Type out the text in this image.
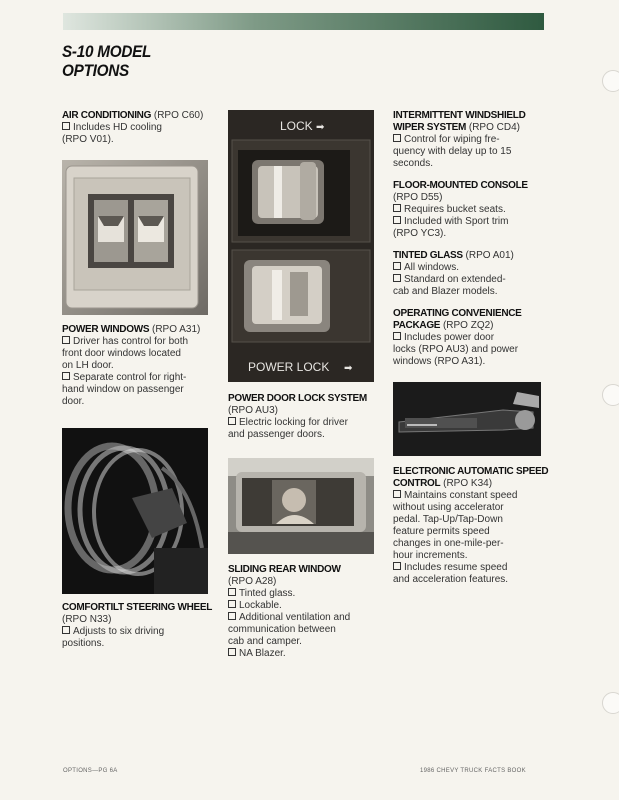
S-10 MODEL
OPTIONS
AIR CONDITIONING (RPO C60)
Includes HD cooling
(RPO V01).
POWER WINDOWS (RPO A31)
Driver has control for both
front door windows located
on LH door.
Separate control for right-
hand window on passenger
door.
COMFORTILT STEERING WHEEL
(RPO N33)
Adjusts to six driving
positions.
POWER DOOR LOCK SYSTEM
(RPO AU3)
Electric locking for driver
and passenger doors.
SLIDING REAR WINDOW
(RPO A28)
Tinted glass.
Lockable.
Additional ventilation and
communication between
cab and camper.
NA Blazer.
INTERMITTENT WINDSHIELD
WIPER SYSTEM (RPO CD4)
Control for wiping fre-
quency with delay up to 15
seconds.
FLOOR-MOUNTED CONSOLE
(RPO D55)
Requires bucket seats.
Included with Sport trim
(RPO YC3).
TINTED GLASS (RPO A01)
All windows.
Standard on extended-
cab and Blazer models.
OPERATING CONVENIENCE
PACKAGE (RPO ZQ2)
Includes power door
locks (RPO AU3) and power
windows (RPO A31).
ELECTRONIC AUTOMATIC SPEED
CONTROL (RPO K34)
Maintains constant speed
without using accelerator
pedal. Tap-Up/Tap-Down
feature permits speed
changes in one-mile-per-
hour increments.
Includes resume speed
and acceleration features.
LOCK ➡
POWER LOCK ➡
OPTIONS—PG 6A	1986 CHEVY TRUCK FACTS BOOK
